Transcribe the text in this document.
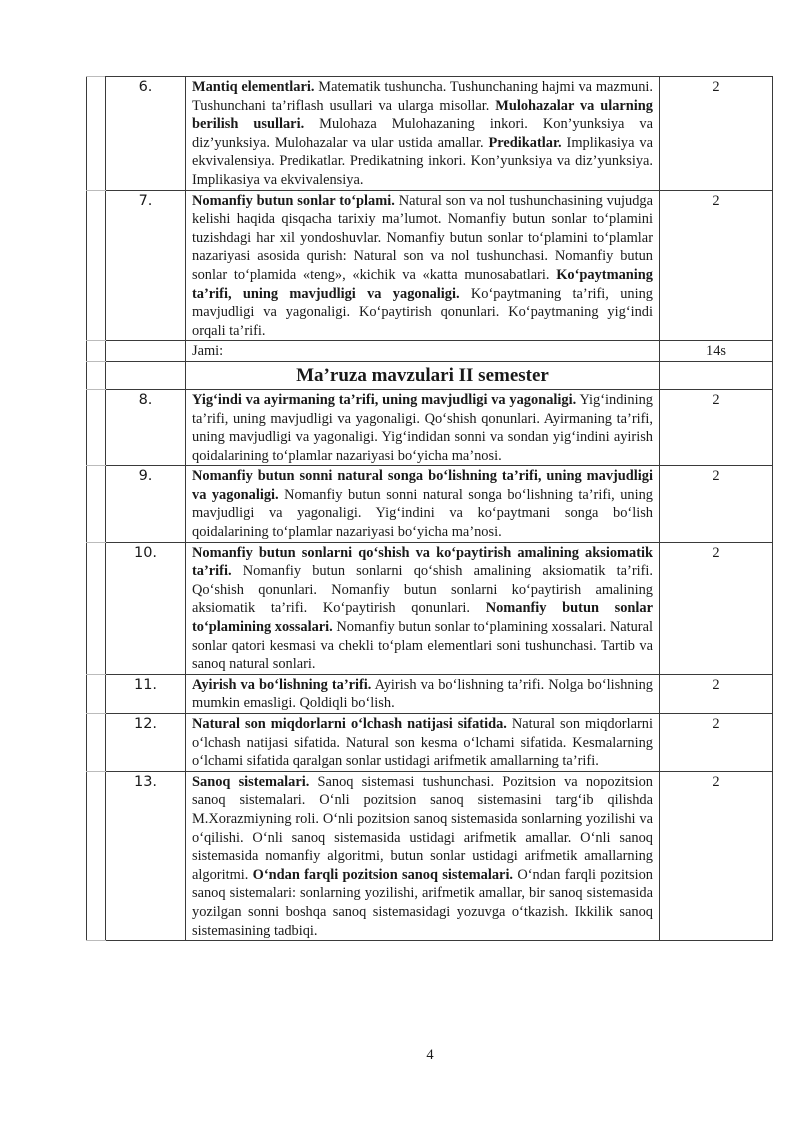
	6.	Mantiq elementlari. Matematik tushuncha. Tushunchaning hajmi va mazmuni. Tushunchani ta’riflash usullari va ularga misollar. Mulohazalar va ularning berilish usullari. Mulohaza Mulohazaning inkori. Kon’yunksiya va diz’yunksiya. Mulohazalar va ular ustida amallar. Predikatlar. Implikasiya va ekvivalensiya. Predikatlar. Predikatning inkori. Kon’yunksiya va diz’yunksiya. Implikasiya va ekvivalensiya.	2
	7.	Nomanfiy butun sonlar to‘plami. Natural son va nol tushunchasining vujudga kelishi haqida qisqacha tarixiy ma’lumot. Nomanfiy butun sonlar to‘plamini tuzishdagi har xil yondoshuvlar. Nomanfiy butun sonlar to‘plamini to‘plamlar nazariyasi asosida qurish: Natural son va nol tushunchasi. Nomanfiy butun sonlar to‘plamida «teng», «kichik va «katta munosabatlari. Ko‘paytmaning ta’rifi, uning mavjudligi va yagonaligi. Ko‘paytmaning ta’rifi, uning mavjudligi va yagonaligi. Ko‘paytirish qonunlari. Ko‘paytmaning yig‘indi orqali ta’rifi.	2
		Jami:	14s
		Ma’ruza mavzulari II semester	
	8.	Yig‘indi va ayirmaning ta’rifi, uning mavjudligi va yagonaligi. Yig‘indining ta’rifi, uning mavjudligi va yagonaligi. Qo‘shish qonunlari. Ayirmaning ta’rifi, uning mavjudligi va yagonaligi. Yig‘indidan sonni va sondan yig‘indini ayirish qoidalarining to‘plamlar nazariyasi bo‘yicha ma’nosi.	2
	9.	Nomanfiy butun sonni natural songa bo‘lishning ta’rifi, uning mavjudligi va yagonaligi. Nomanfiy butun sonni natural songa bo‘lishning ta’rifi, uning mavjudligi va yagonaligi. Yig‘indini va ko‘paytmani songa bo‘lish qoidalarining to‘plamlar nazariyasi bo‘yicha ma’nosi.	2
	10.	Nomanfiy butun sonlarni qo‘shish va ko‘paytirish amalining aksiomatik ta’rifi. Nomanfiy butun sonlarni qo‘shish amalining aksiomatik ta’rifi. Qo‘shish qonunlari. Nomanfiy butun sonlarni ko‘paytirish amalining aksiomatik ta’rifi. Ko‘paytirish qonunlari. Nomanfiy butun sonlar to‘plamining xossalari. Nomanfiy butun sonlar to‘plamining xossalari. Natural sonlar qatori kesmasi va chekli to‘plam elementlari soni tushunchasi. Tartib va sanoq natural sonlari.	2
	11.	Ayirish va bo‘lishning ta’rifi. Ayirish va bo‘lishning ta’rifi. Nolga bo‘lishning mumkin emasligi. Qoldiqli bo‘lish.	2
	12.	Natural son miqdorlarni o‘lchash natijasi sifatida. Natural son miqdorlarni o‘lchash natijasi sifatida. Natural son kesma o‘lchami sifatida. Kesmalarning o‘lchami sifatida qaralgan sonlar ustidagi arifmetik amallarning ta’rifi.	2
	13.	Sanoq sistemalari. Sanoq sistemasi tushunchasi. Pozitsion va nopozitsion sanoq sistemalari. O‘nli pozitsion sanoq sistemasini targ‘ib qilishda M.Xorazmiyning roli. O‘nli pozitsion sanoq sistemasida sonlarning yozilishi va o‘qilishi. O‘nli sanoq sistemasida ustidagi arifmetik amallar. O‘nli sanoq sistemasida nomanfiy algoritmi, butun sonlar ustidagi arifmetik amallarning algoritmi. O‘ndan farqli pozitsion sanoq sistemalari. O‘ndan farqli pozitsion sanoq sistemalari: sonlarning yozilishi, arifmetik amallar, bir sanoq sistemasida yozilgan sonni boshqa sanoq sistemasidagi yozuvga o‘tkazish. Ikkilik sanoq sistemasining tadbiqi.	2
4
